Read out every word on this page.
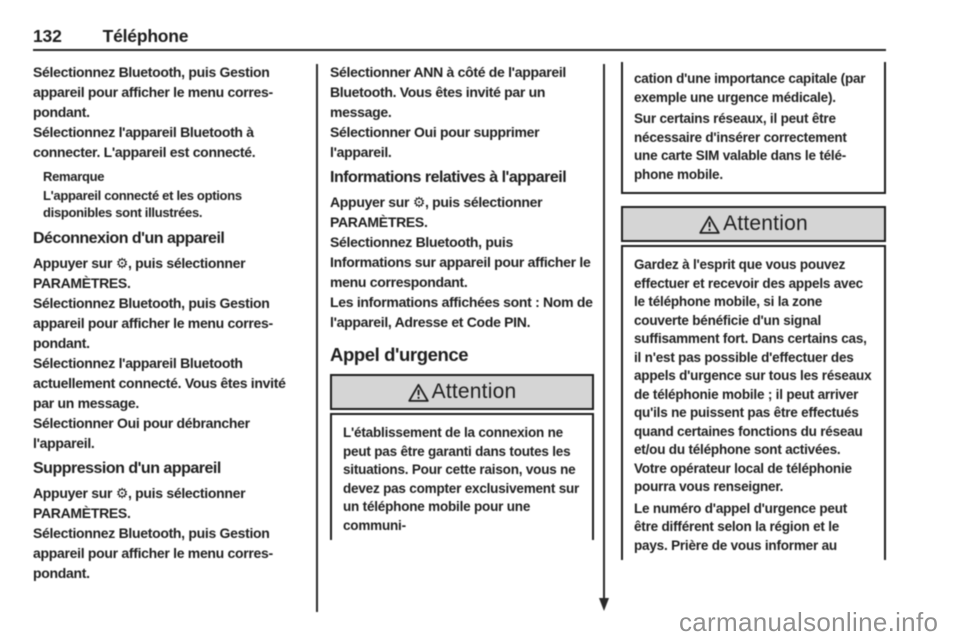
132 Téléphone

Sélectionnez Bluetooth, puis Gestion appareil pour afficher le menu correspondant.

Sélectionnez l'appareil Bluetooth à connecter. L'appareil est connecté.

Remarque
L'appareil connecté et les options disponibles sont illustrées.
Déconnexion d'un appareil

Appuyer sur ⚙, puis sélectionner PARAMÈTRES.

Sélectionnez Bluetooth, puis Gestion appareil pour afficher le menu correspondant.

Sélectionnez l'appareil Bluetooth actuellement connecté. Vous êtes invité par un message.

Sélectionner Oui pour débrancher l'appareil.

Suppression d'un appareil

Appuyer sur ⚙, puis sélectionner PARAMÈTRES.

Sélectionnez Bluetooth, puis Gestion appareil pour afficher le menu correspondant.

Sélectionner ANN à côté de l'appareil Bluetooth. Vous êtes invité par un message.

Sélectionner Oui pour supprimer l'appareil.

Informations relatives à l'appareil

Appuyer sur ⚙, puis sélectionner PARAMÈTRES.

Sélectionnez Bluetooth, puis Informations sur appareil pour afficher le menu correspondant.

Les informations affichées sont : Nom de l'appareil, Adresse et Code PIN.

Appel d'urgence
Attention

L'établissement de la connexion ne peut pas être garanti dans toutes les situations. Pour cette raison, vous ne devez pas compter exclusivement sur un téléphone mobile pour une communi-

cation d'une importance capitale (par exemple une urgence médicale).

Sur certains réseaux, il peut être nécessaire d'insérer correctement une carte SIM valable dans le téléphone mobile.

Attention

Gardez à l'esprit que vous pouvez effectuer et recevoir des appels avec le téléphone mobile, si la zone couverte bénéficie d'un signal suffisamment fort. Dans certains cas, il n'est pas possible d'effectuer des appels d'urgence sur tous les réseaux de téléphonie mobile ; il peut arriver qu'ils ne puissent pas être effectués quand certaines fonctions du réseau et/ou du téléphone sont activées. Votre opérateur local de téléphonie pourra vous renseigner.

Le numéro d'appel d'urgence peut être différent selon la région et le pays. Prière de vous informer au

carmanualsonline.info
